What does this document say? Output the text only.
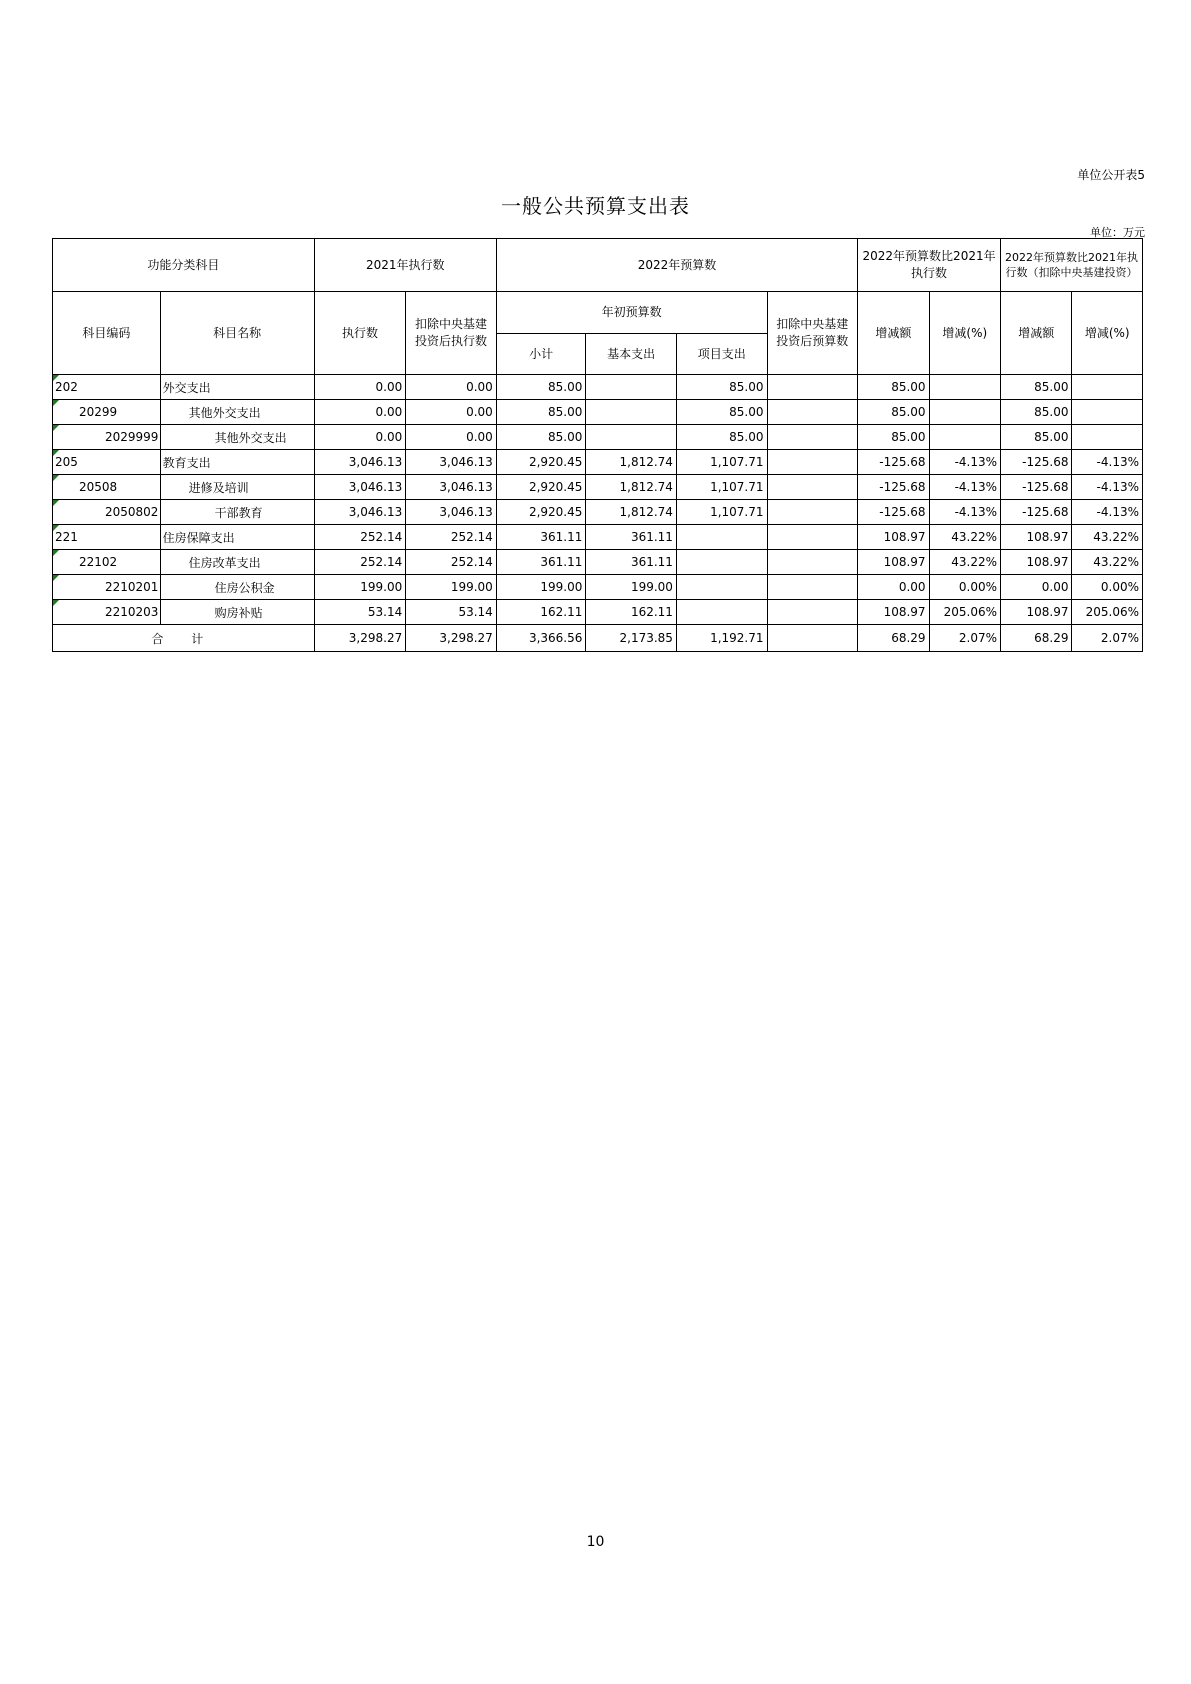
单位公开表5
一般公共预算支出表
单位：万元
功能分类科目		2021年执行数		2022年预算数				2022年预算数比2021年执行数		2022年预算数比2021年执行数（扣除中央基建投资）	
科目编码	科目名称	执行数	扣除中央基建投资后执行数	年初预算数			扣除中央基建投资后预算数	增减额	增减(%)	增减额	增减(%)
				小计	基本支出	项目支出					

202	外交支出	0.00	0.00	85.00		85.00		85.00		85.00	

20299	其他外交支出	0.00	0.00	85.00		85.00		85.00		85.00	

2029999	其他外交支出	0.00	0.00	85.00		85.00		85.00		85.00	

205	教育支出	3,046.13	3,046.13	2,920.45	1,812.74	1,107.71		-125.68	-4.13%	-125.68	-4.13%

20508	进修及培训	3,046.13	3,046.13	2,920.45	1,812.74	1,107.71		-125.68	-4.13%	-125.68	-4.13%

2050802	干部教育	3,046.13	3,046.13	2,920.45	1,812.74	1,107.71		-125.68	-4.13%	-125.68	-4.13%

221	住房保障支出	252.14	252.14	361.11	361.11			108.97	43.22%	108.97	43.22%

22102	住房改革支出	252.14	252.14	361.11	361.11			108.97	43.22%	108.97	43.22%

2210201	住房公积金	199.00	199.00	199.00	199.00			0.00	0.00%	0.00	0.00%

2210203	购房补贴	53.14	53.14	162.11	162.11			108.97	205.06%	108.97	205.06%
合 计		3,298.27	3,298.27	3,366.56	2,173.85	1,192.71		68.29	2.07%	68.29	2.07%
10
